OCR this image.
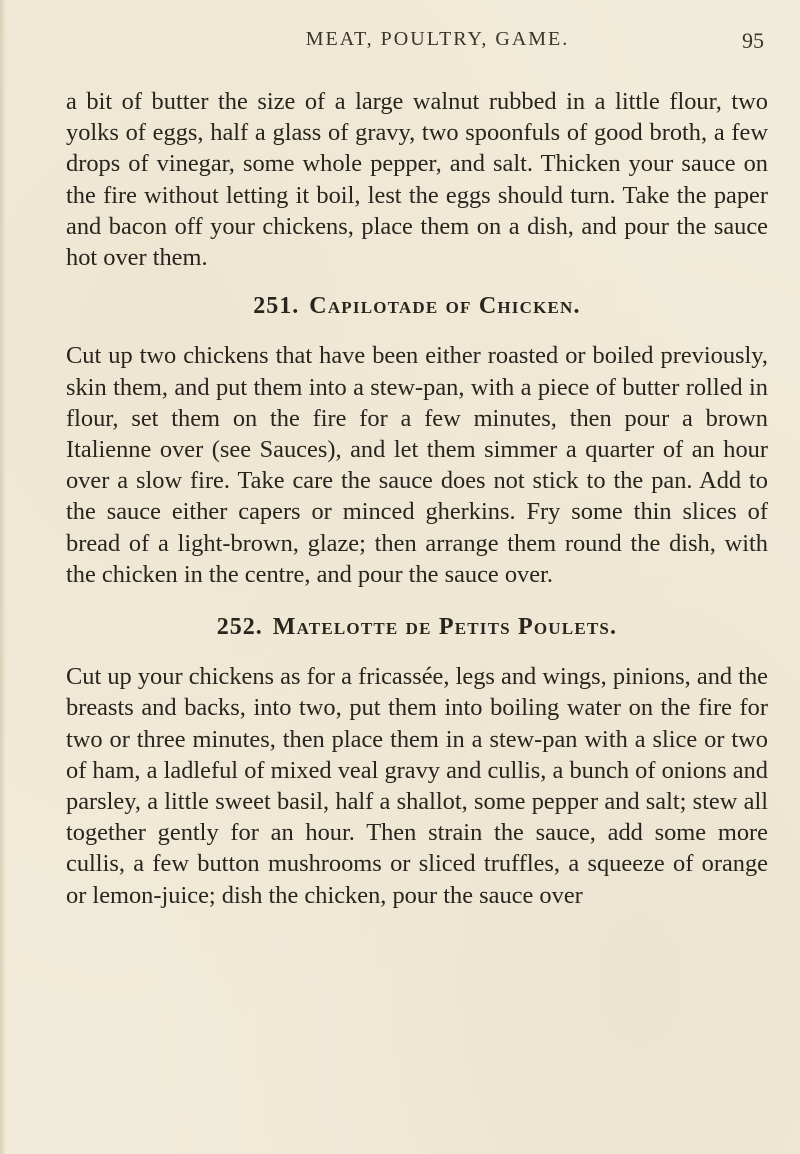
MEAT, POULTRY, GAME.	95

a bit of butter the size of a large walnut rubbed in a little flour, two yolks of eggs, half a glass of gravy, two spoonfuls of good broth, a few drops of vinegar, some whole pepper, and salt. Thicken your sauce on the fire without letting it boil, lest the eggs should turn. Take the paper and bacon off your chickens, place them on a dish, and pour the sauce hot over them.

251. Capilotade of Chicken.

Cut up two chickens that have been either roasted or boiled previously, skin them, and put them into a stew-pan, with a piece of butter rolled in flour, set them on the fire for a few minutes, then pour a brown Italienne over (see Sauces), and let them simmer a quarter of an hour over a slow fire. Take care the sauce does not stick to the pan. Add to the sauce either capers or minced gherkins. Fry some thin slices of bread of a light-brown, glaze; then arrange them round the dish, with the chicken in the centre, and pour the sauce over.

252. Matelotte de Petits Poulets.

Cut up your chickens as for a fricassée, legs and wings, pinions, and the breasts and backs, into two, put them into boiling water on the fire for two or three minutes, then place them in a stew-pan with a slice or two of ham, a ladleful of mixed veal gravy and cullis, a bunch of onions and parsley, a little sweet basil, half a shallot, some pepper and salt; stew all together gently for an hour. Then strain the sauce, add some more cullis, a few button mushrooms or sliced truffles, a squeeze of orange or lemon-juice; dish the chicken, pour the sauce over
